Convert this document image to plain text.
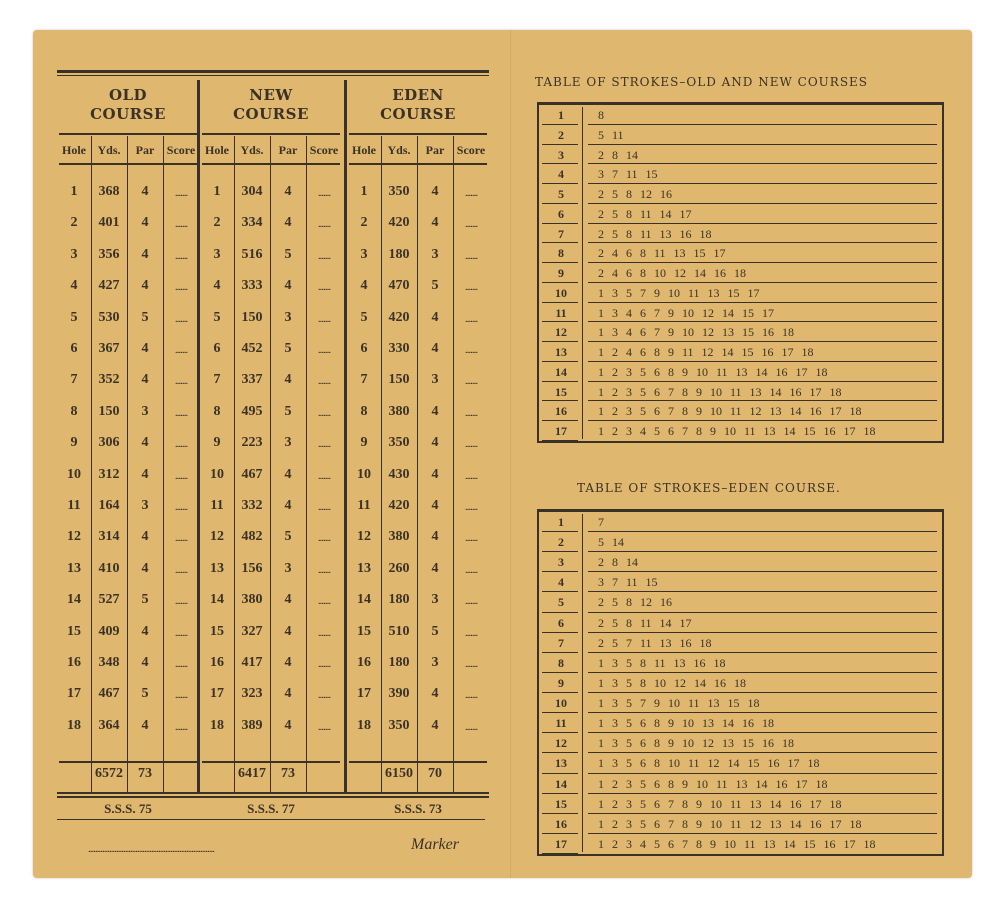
OLD
COURSE
Hole Yds.	Par	Score
1	368	4	.......
2	401	4	.......
3	356	4	.......
4	427	4	.......
5	530	5	.......
6	367	4	.......
7	352	4	.......
8	150	3	.......
9	306	4	.......
10	312	4	.......
11	164	3	.......
12	314	4	.......
13	410	4	.......
14	527	5	.......
15	409	4	.......
16	348	4	.......
17	467	5	.......
18	364	4	.......
6572	73
S.S.S. 75
NEW
COURSE
Hole Yds.	Par	Score
1	304	4	.......
2	334	4	.......
3	516	5	.......
4	333	4	.......
5	150	3	.......
6	452	5	.......
7	337	4	.......
8	495	5	.......
9	223	3	.......
10	467	4	.......
11	332	4	.......
12	482	5	.......
13	156	3	.......
14	380	4	.......
15	327	4	.......
16	417	4	.......
17	323	4	.......
18	389	4	.......
6417	73
S.S.S. 77
EDEN
COURSE
Hole Yds.	Par	Score
1	350	4	.......
2	420	4	.......
3	180	3	.......
4	470	5	.......
5	420	4	.......
6	330	4	.......
7	150	3	.......
8	380	4	.......
9	350	4	.......
10	430	4	.......
11	420	4	.......
12	380	4	.......
13	260	4	.......
14	180	3	.......
15	510	5	.......
16	180	3	.......
17	390	4	.......
18	350	4	.......
6150	70
S.S.S. 73
........................................................................	Marker
TABLE OF STROKES–OLD AND NEW COURSES
1	8
2	5 11
3	2 8 14
4	3 7 11 15
5	2 5 8 12 16
6	2 5 8 11 14 17
7	2 5 8 11 13 16 18
8	2 4 6 8 11 13 15 17
9	2 4 6 8 10 12 14 16 18
10	1 3 5 7 9 10 11 13 15 17
11	1 3 4 6 7 9 10 12 14 15 17
12	1 3 4 6 7 9 10 12 13 15 16 18
13	1 2 4 6 8 9 11 12 14 15 16 17 18
14	1 2 3 5 6 8 9 10 11 13 14 16 17 18
15	1 2 3 5 6 7 8 9 10 11 13 14 16 17 18
16	1 2 3 5 6 7 8 9 10 11 12 13 14 16 17 18
17	1 2 3 4 5 6 7 8 9 10 11 13 14 15 16 17 18
TABLE OF STROKES–EDEN COURSE.
1	7
2	5 14
3	2 8 14
4	3 7 11 15
5	2 5 8 12 16
6	2 5 8 11 14 17
7	2 5 7 11 13 16 18
8	1 3 5 8 11 13 16 18
9	1 3 5 8 10 12 14 16 18
10	1 3 5 7 9 10 11 13 15 18
11	1 3 5 6 8 9 10 13 14 16 18
12	1 3 5 6 8 9 10 12 13 15 16 18
13	1 3 5 6 8 10 11 12 14 15 16 17 18
14	1 2 3 5 6 8 9 10 11 13 14 16 17 18
15	1 2 3 5 6 7 8 9 10 11 13 14 16 17 18
16	1 2 3 5 6 7 8 9 10 11 12 13 14 16 17 18
17	1 2 3 4 5 6 7 8 9 10 11 13 14 15 16 17 18
